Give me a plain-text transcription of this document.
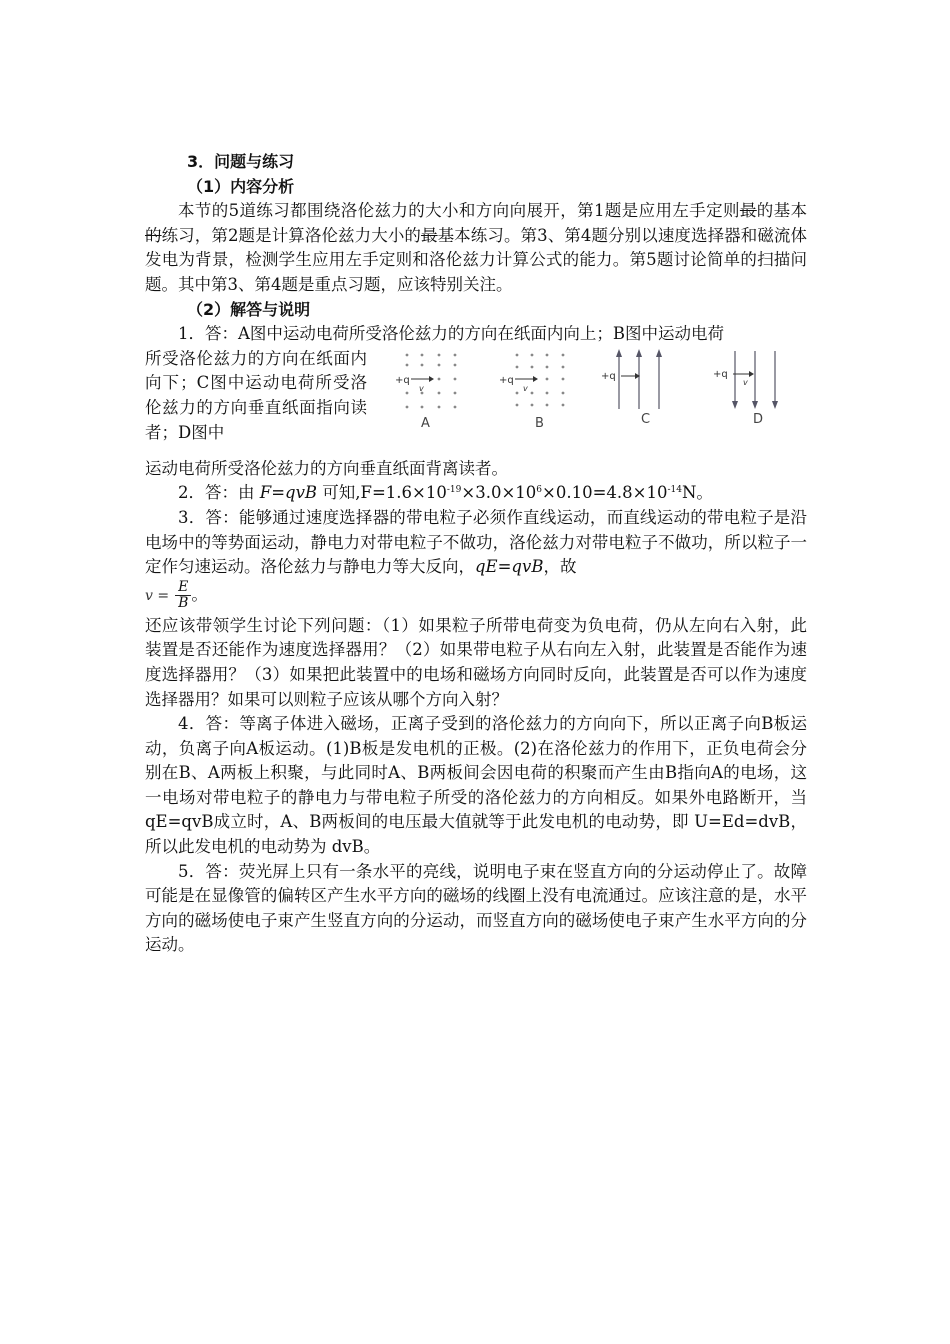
3．问题与练习
（1）内容分析

本节的5道练习都围绕洛伦兹力的大小和方向向展开，第1题是应用左手定则最的基本的练习，第2题是计算洛伦兹力大小的最基本练习。第3、第4题分别以速度选择器和磁流体发电为背景，检测学生应用左手定则和洛伦兹力计算公式的能力。第5题讨论简单的扫描问题。其中第3、第4题是重点习题，应该特别关注。

（2）解答与说明

1．答：A图中运动电荷所受洛伦兹力的方向在纸面内向上；B图中运动电荷

所受洛伦兹力的方向在纸面内向下；C图中运动电荷所受洛伦兹力的方向垂直纸面指向读者；D图中

+q
v
A
+q
v
B
+q
C
+q
v
D

运动电荷所受洛伦兹力的方向垂直纸面背离读者。

2．答：由 F=qvB 可知$,F=1.6\times 10^{-19}\times 3.0\times 10^6\times 0.10=4.8\times 10^{-14}N$。

3．答：能够通过速度选择器的带电粒子必须作直线运动，而直线运动的带电粒子是沿电场中的等势面运动，静电力对带电粒子不做功，洛伦兹力对带电粒子不做功，所以粒子一定作匀速运动。洛伦兹力与静电力等大反向，qE=qvB，故

$v = \frac{E}{B}$ 。

还应该带领学生讨论下列问题：（1）如果粒子所带电荷变为负电荷，仍从左向右入射，此装置是否还能作为速度选择器用？（2）如果带电粒子从右向左入射，此装置是否能作为速度选择器用？（3）如果把此装置中的电场和磁场方向同时反向，此装置是否可以作为速度选择器用？如果可以则粒子应该从哪个方向入射？

4．答：等离子体进入磁场，正离子受到的洛伦兹力的方向向下，所以正离子向B板运动，负离子向A板运动。(1)B板是发电机的正极。(2)在洛伦兹力的作用下，正负电荷会分别在B、A两板上积聚，与此同时A、B两板间会因电荷的积聚而产生由B指向A的电场，这一电场对带电粒子的静电力与带电粒子所受的洛伦兹力的方向相反。如果外电路断开，当qE=qvB成立时，A、B两板间的电压最大值就等于此发电机的电动势，即 U=Ed=dvB，所以此发电机的电动势为 dvB。

5．答：荧光屏上只有一条水平的亮线，说明电子束在竖直方向的分运动停止了。故障可能是在显像管的偏转区产生水平方向的磁场的线圈上没有电流通过。应该注意的是，水平方向的磁场使电子束产生竖直方向的分运动，而竖直方向的磁场使电子束产生水平方向的分运动。
